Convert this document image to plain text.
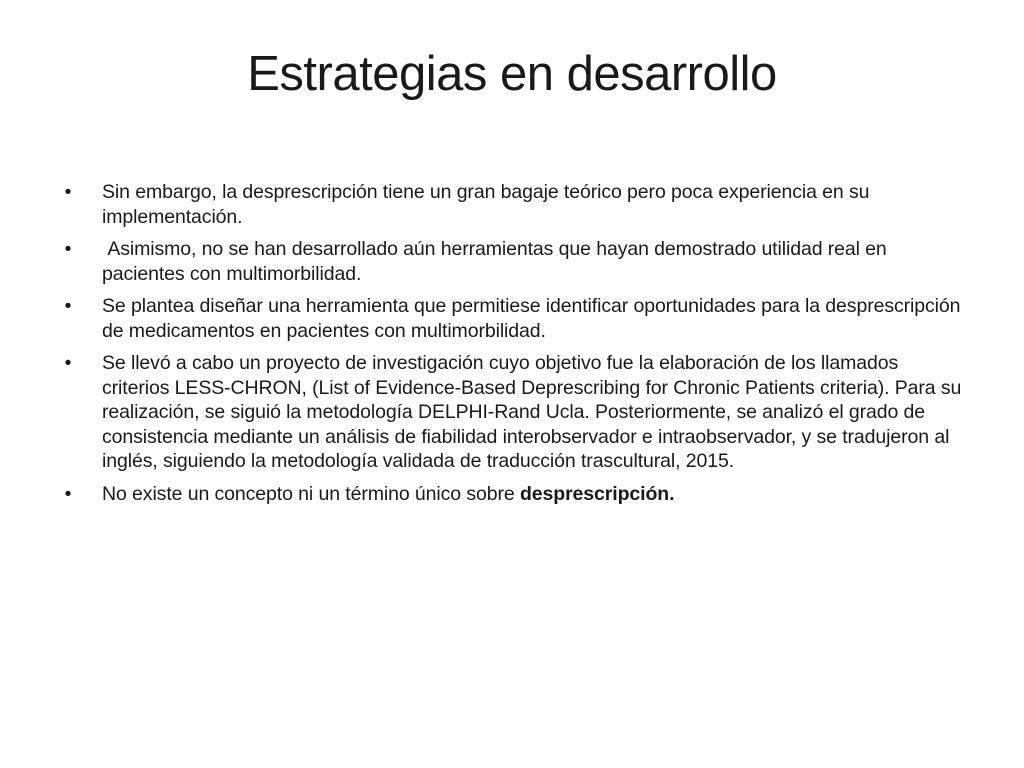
Estrategias en desarrollo
•	Sin embargo, la desprescripción tiene un gran bagaje teórico pero poca experiencia en su implementación.
•	Asimismo, no se han desarrollado aún herramientas que hayan demostrado utilidad real en pacientes con multimorbilidad.
•	Se plantea diseñar una herramienta que permitiese identificar oportunidades para la desprescripción de medicamentos en pacientes con multimorbilidad.
•	Se llevó a cabo un proyecto de investigación cuyo objetivo fue la elaboración de los llamados criterios LESS-CHRON, (List of Evidence-Based Deprescribing for Chronic Patients criteria). Para su realización, se siguió la metodología DELPHI-Rand Ucla. Posteriormente, se analizó el grado de consistencia mediante un análisis de fiabilidad interobservador e intraobservador, y se tradujeron al inglés, siguiendo la metodología validada de traducción trascultural, 2015.
•	No existe un concepto ni un término único sobre desprescripción.
